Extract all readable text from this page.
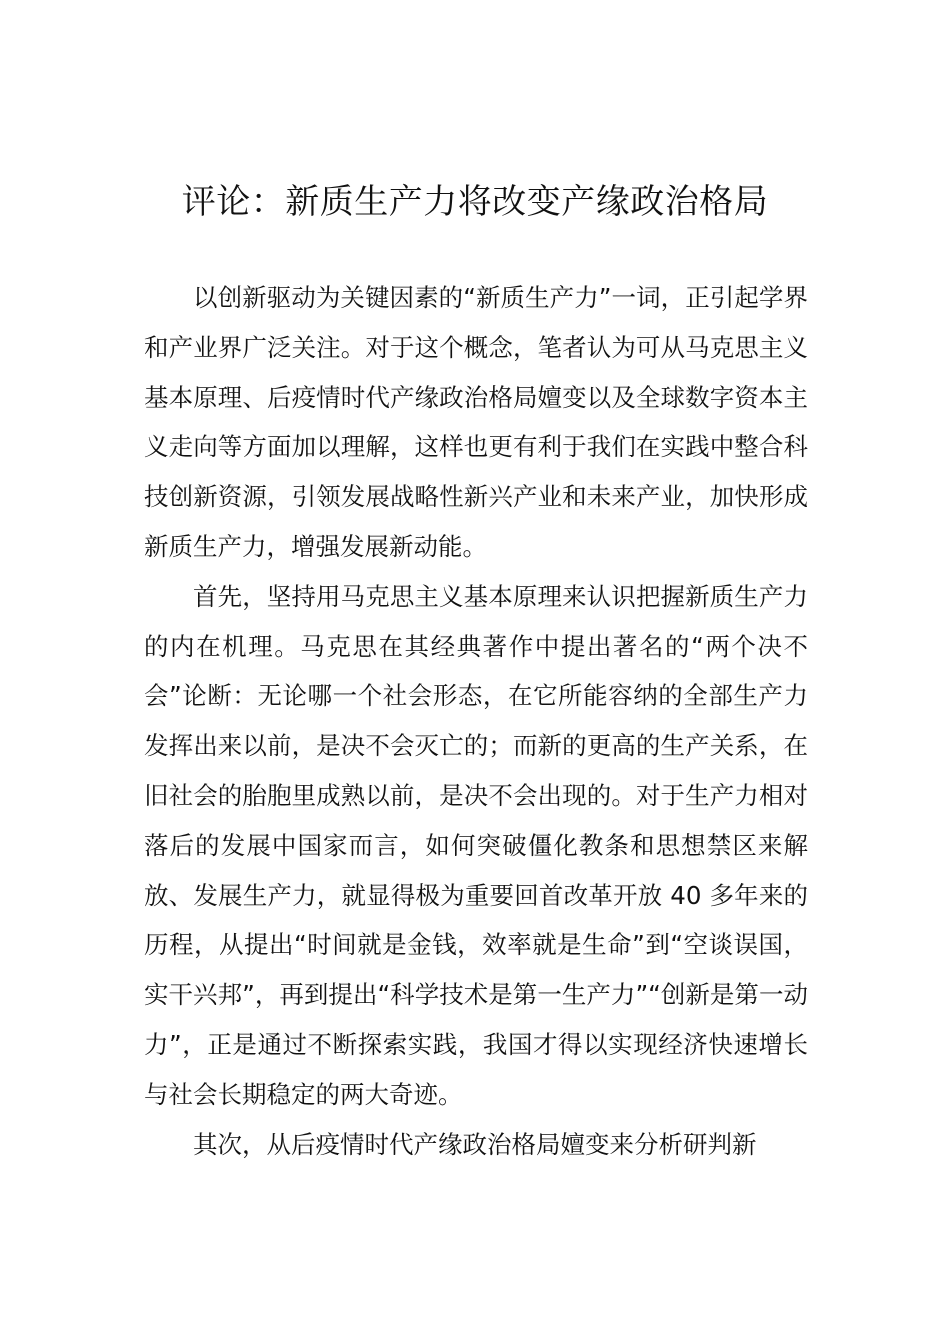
评论：新质生产力将改变产缘政治格局

以创新驱动为关键因素的“新质生产力”一词，正引起学界和产业界广泛关注。对于这个概念，笔者认为可从马克思主义基本原理、后疫情时代产缘政治格局嬗变以及全球数字资本主义走向等方面加以理解，这样也更有利于我们在实践中整合科技创新资源，引领发展战略性新兴产业和未来产业，加快形成新质生产力，增强发展新动能。

首先，坚持用马克思主义基本原理来认识把握新质生产力的内在机理。马克思在其经典著作中提出著名的“两个决不会”论断：无论哪一个社会形态，在它所能容纳的全部生产力发挥出来以前，是决不会灭亡的；而新的更高的生产关系，在旧社会的胎胞里成熟以前，是决不会出现的。对于生产力相对落后的发展中国家而言，如何突破僵化教条和思想禁区来解放、发展生产力，就显得极为重要回首改革开放 40 多年来的历程，从提出“时间就是金钱，效率就是生命”到“空谈误国，实干兴邦”，再到提出“科学技术是第一生产力”“创新是第一动力”，正是通过不断探索实践，我国才得以实现经济快速增长与社会长期稳定的两大奇迹。

其次，从后疫情时代产缘政治格局嬗变来分析研判新
